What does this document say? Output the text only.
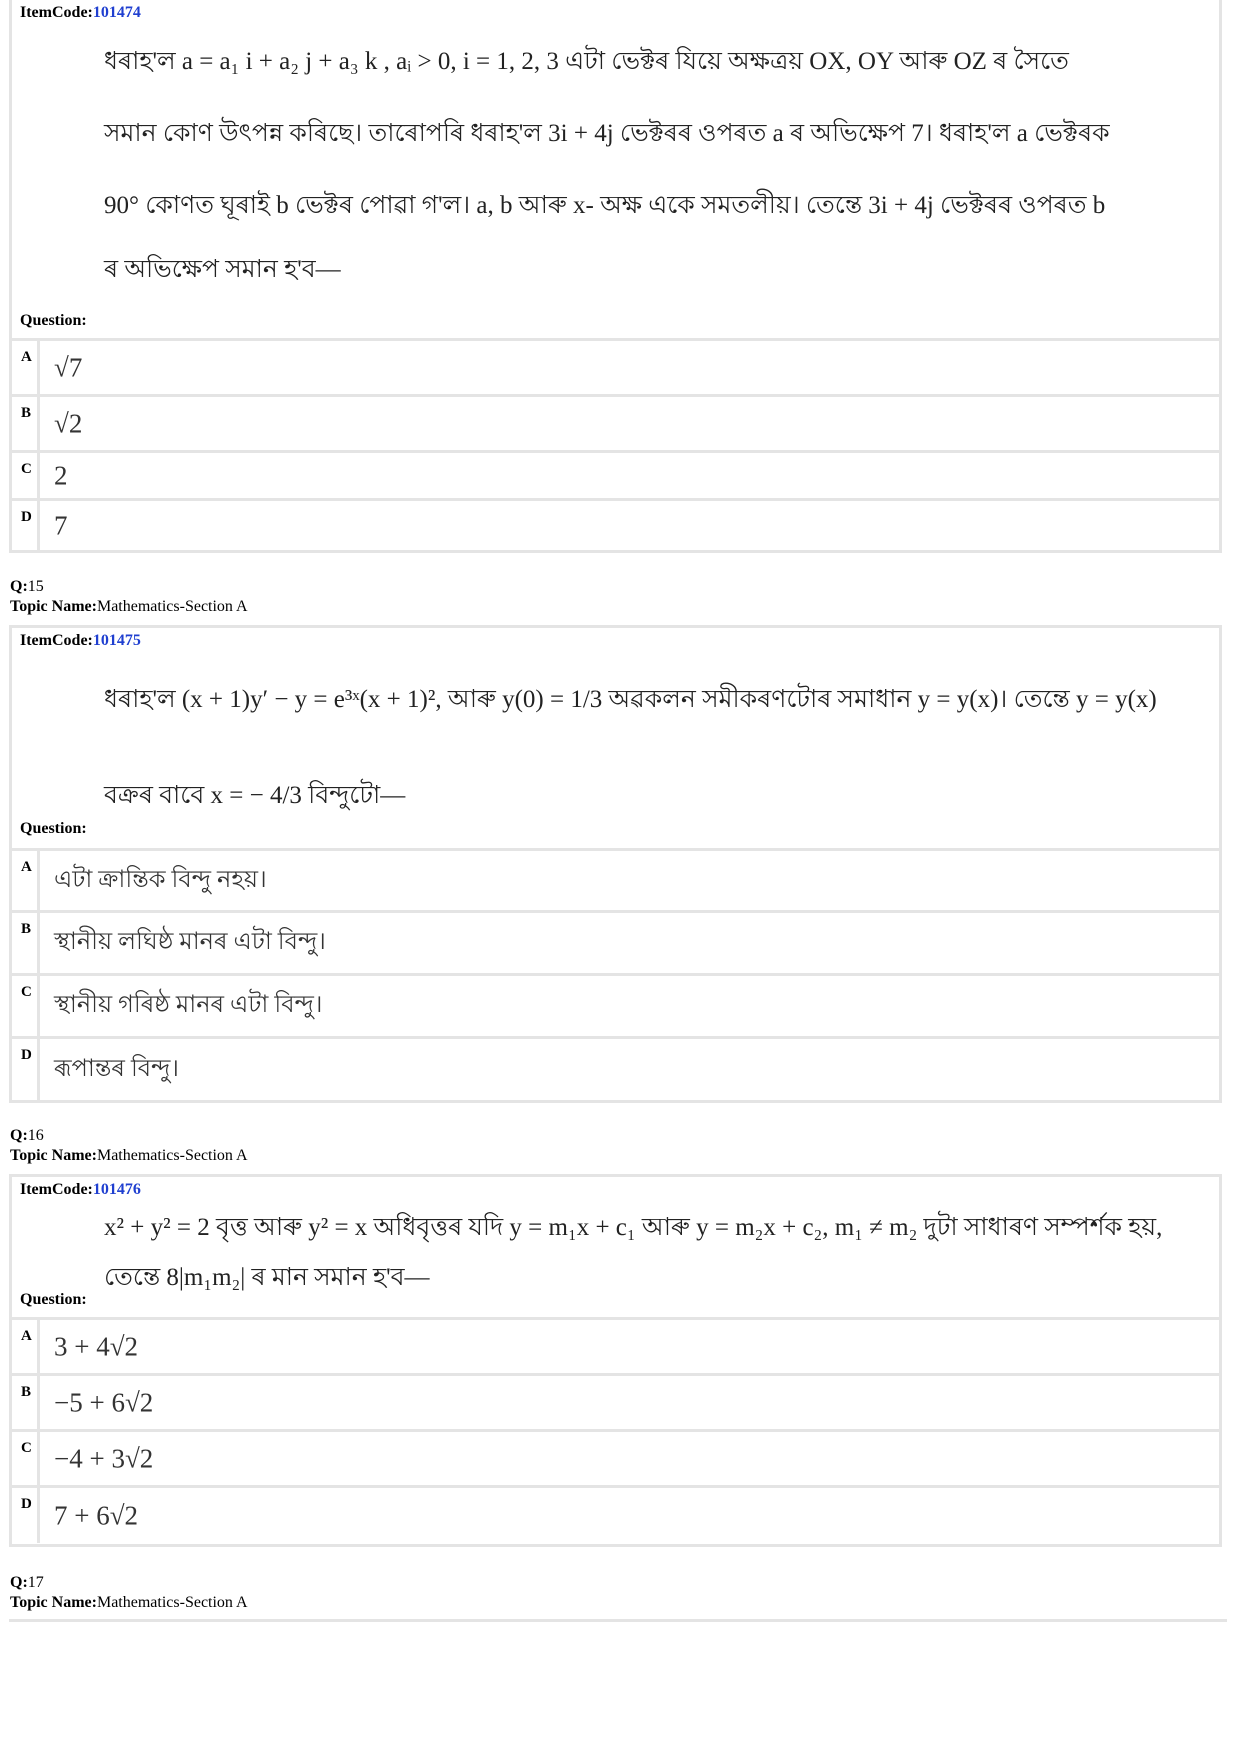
ItemCode:101474
ধৰাহ'ল a = a₁ i + a₂ j + a₃ k , aᵢ > 0, i = 1, 2, 3 এটা ভেক্টৰ যিয়ে অক্ষত্ৰয় OX, OY আৰু OZ ৰ সৈতে
সমান কোণ উৎপন্ন কৰিছে। তাৰোপৰি ধৰাহ'ল 3i + 4j ভেক্টৰৰ ওপৰত a ৰ অভিক্ষেপ 7। ধৰাহ'ল a ভেক্টৰক
90° কোণত ঘূৰাই b ভেক্টৰ পোৱা গ'ল। a, b আৰু x- অক্ষ একে সমতলীয়। তেন্তে 3i + 4j ভেক্টৰৰ ওপৰত b
ৰ অভিক্ষেপ সমান হ'ব—
Question:
A √7
B √2
C 2
D 7
Q:15
Topic Name:Mathematics-Section A
ItemCode:101475
ধৰাহ'ল (x + 1)y′ − y = e³ˣ(x + 1)², আৰু y(0) = 1/3 অৱকলন সমীকৰণটোৰ সমাধান y = y(x)। তেন্তে y = y(x)
বক্ৰৰ বাবে x = − 4/3 বিন্দুটো—
Question:
A এটা ক্ৰান্তিক বিন্দু নহয়।
B স্থানীয় লঘিষ্ঠ মানৰ এটা বিন্দু।
C স্থানীয় গৰিষ্ঠ মানৰ এটা বিন্দু।
D
ৰূপান্তৰ বিন্দু।
Q:16
Topic Name:Mathematics-Section A
ItemCode:101476
x² + y² = 2 বৃত্ত আৰু y² = x অধিবৃত্তৰ যদি y = m₁x + c₁ আৰু y = m₂x + c₂, m₁ ≠ m₂ দুটা সাধাৰণ সম্পৰ্শক হয়,
তেন্তে 8|m₁m₂| ৰ মান সমান হ'ব—
Question:
A 3 + 4√2
B −5 + 6√2
C −4 + 3√2
D 7 + 6√2
Q:17
Topic Name:Mathematics-Section A
